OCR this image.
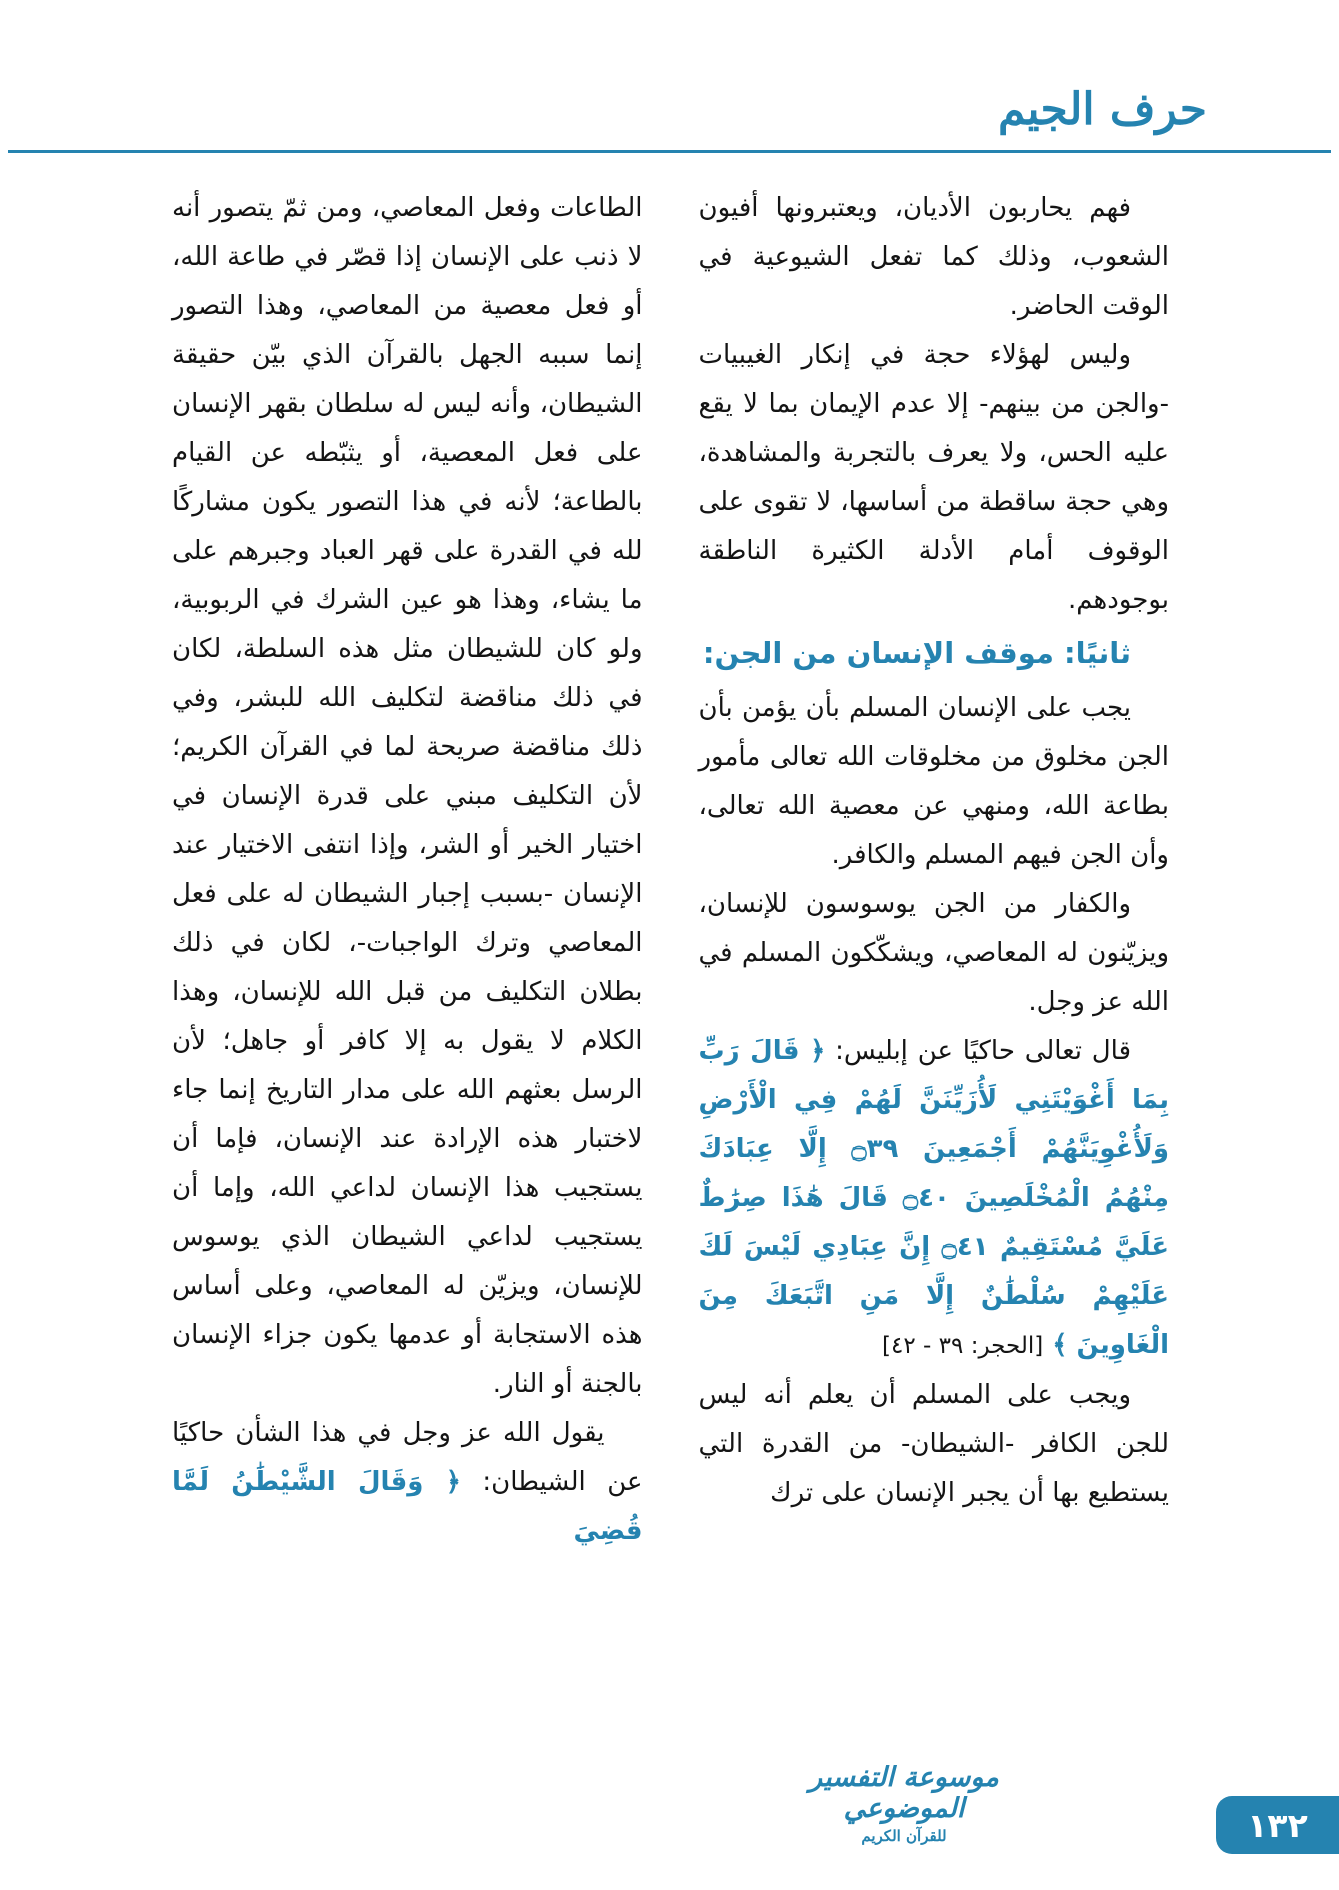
حرف الجيم

فهم يحاربون الأديان، ويعتبرونها أفيون الشعوب، وذلك كما تفعل الشيوعية في الوقت الحاضر.

وليس لهؤلاء حجة في إنكار الغيبيات -والجن من بينهم- إلا عدم الإيمان بما لا يقع عليه الحس، ولا يعرف بالتجربة والمشاهدة، وهي حجة ساقطة من أساسها، لا تقوى على الوقوف أمام الأدلة الكثيرة الناطقة بوجودهم.

ثانيًا: موقف الإنسان من الجن:

يجب على الإنسان المسلم بأن يؤمن بأن الجن مخلوق من مخلوقات الله تعالى مأمور بطاعة الله، ومنهي عن معصية الله تعالى، وأن الجن فيهم المسلم والكافر.

والكفار من الجن يوسوسون للإنسان، ويزيّنون له المعاصي، ويشكّكون المسلم في الله عز وجل.

قال تعالى حاكيًا عن إبليس: ﴿ قَالَ رَبِّ بِمَا أَغْوَيْتَنِي لَأُزَيِّنَنَّ لَهُمْ فِي الْأَرْضِ وَلَأُغْوِيَنَّهُمْ أَجْمَعِينَ ۝٣٩ إِلَّا عِبَادَكَ مِنْهُمُ الْمُخْلَصِينَ ۝٤٠ قَالَ هَٰذَا صِرَٰطٌ عَلَيَّ مُسْتَقِيمٌ ۝٤١ إِنَّ عِبَادِي لَيْسَ لَكَ عَلَيْهِمْ سُلْطَٰنٌ إِلَّا مَنِ اتَّبَعَكَ مِنَ الْغَاوِينَ ﴾ [الحجر: ٣٩ - ٤٢]

ويجب على المسلم أن يعلم أنه ليس للجن الكافر -الشيطان- من القدرة التي يستطيع بها أن يجبر الإنسان على ترك

الطاعات وفعل المعاصي، ومن ثمّ يتصور أنه لا ذنب على الإنسان إذا قصّر في طاعة الله، أو فعل معصية من المعاصي، وهذا التصور إنما سببه الجهل بالقرآن الذي بيّن حقيقة الشيطان، وأنه ليس له سلطان بقهر الإنسان على فعل المعصية، أو يثبّطه عن القيام بالطاعة؛ لأنه في هذا التصور يكون مشاركًا لله في القدرة على قهر العباد وجبرهم على ما يشاء، وهذا هو عين الشرك في الربوبية، ولو كان للشيطان مثل هذه السلطة، لكان في ذلك مناقضة لتكليف الله للبشر، وفي ذلك مناقضة صريحة لما في القرآن الكريم؛ لأن التكليف مبني على قدرة الإنسان في اختيار الخير أو الشر، وإذا انتفى الاختيار عند الإنسان -بسبب إجبار الشيطان له على فعل المعاصي وترك الواجبات-، لكان في ذلك بطلان التكليف من قبل الله للإنسان، وهذا الكلام لا يقول به إلا كافر أو جاهل؛ لأن الرسل بعثهم الله على مدار التاريخ إنما جاء لاختبار هذه الإرادة عند الإنسان، فإما أن يستجيب هذا الإنسان لداعي الله، وإما أن يستجيب لداعي الشيطان الذي يوسوس للإنسان، ويزيّن له المعاصي، وعلى أساس هذه الاستجابة أو عدمها يكون جزاء الإنسان بالجنة أو النار.

يقول الله عز وجل في هذا الشأن حاكيًا عن الشيطان: ﴿ وَقَالَ الشَّيْطَٰنُ لَمَّا قُضِيَ

موسوعة التفسير الموضوعي
للقرآن الكريم	١٣٢
